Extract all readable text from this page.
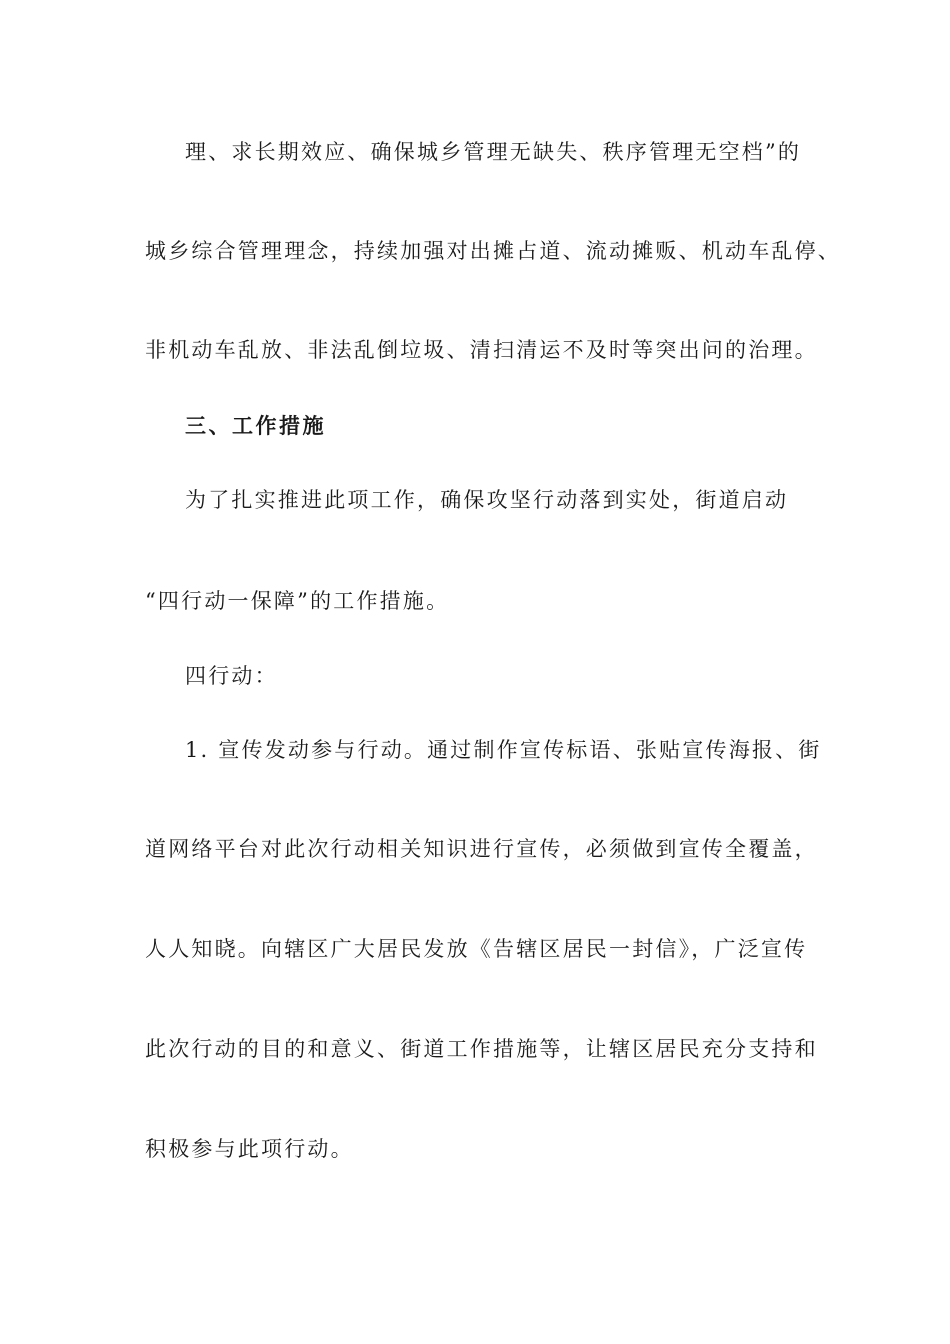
理、求长期效应、确保城乡管理无缺失、秩序管理无空档”的
城乡综合管理理念，持续加强对出摊占道、流动摊贩、机动车乱停、
非机动车乱放、非法乱倒垃圾、清扫清运不及时等突出问的治理。
三、工作措施
为了扎实推进此项工作，确保攻坚行动落到实处，街道启动
“四行动一保障”的工作措施。
四行动：
1. 宣传发动参与行动。通过制作宣传标语、张贴宣传海报、街
道网络平台对此次行动相关知识进行宣传，必须做到宣传全覆盖，
人人知晓。向辖区广大居民发放《告辖区居民一封信》，广泛宣传
此次行动的目的和意义、街道工作措施等，让辖区居民充分支持和
积极参与此项行动。
